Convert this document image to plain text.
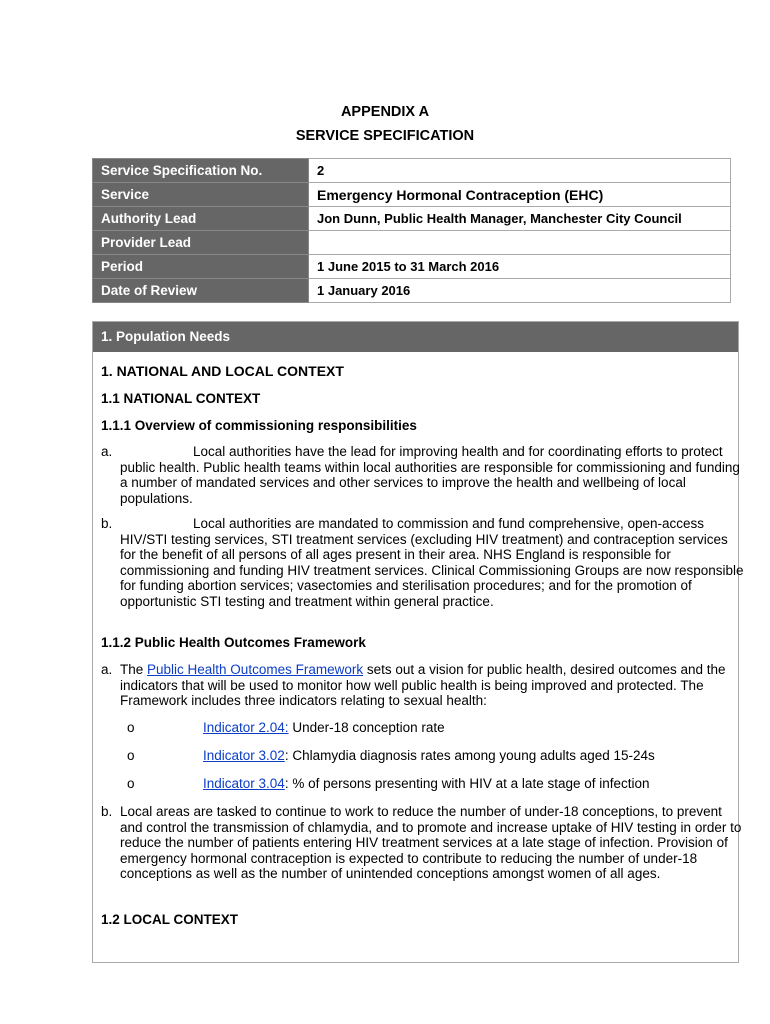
APPENDIX A
SERVICE SPECIFICATION
Service Specification No.	2
Service	Emergency Hormonal Contraception (EHC)
Authority Lead	Jon Dunn, Public Health Manager, Manchester City Council
Provider Lead	
Period	1 June 2015 to 31 March 2016
Date of Review	1 January 2016
1. Population Needs
1. NATIONAL AND LOCAL CONTEXT
1.1 NATIONAL CONTEXT
1.1.1 Overview of commissioning responsibilities
a.	Local authorities have the lead for improving health and for coordinating efforts to protect public health. Public health teams within local authorities are responsible for commissioning and funding a number of mandated services and other services to improve the health and wellbeing of local populations.
b.	Local authorities are mandated to commission and fund comprehensive, open-access HIV/STI testing services, STI treatment services (excluding HIV treatment) and contraception services for the benefit of all persons of all ages present in their area. NHS England is responsible for commissioning and funding HIV treatment services. Clinical Commissioning Groups are now responsible for funding abortion services; vasectomies and sterilisation procedures; and for the promotion of opportunistic STI testing and treatment within general practice.
1.1.2 Public Health Outcomes Framework
a. The Public Health Outcomes Framework sets out a vision for public health, desired outcomes and the indicators that will be used to monitor how well public health is being improved and protected. The Framework includes three indicators relating to sexual health:
o	Indicator 2.04: Under-18 conception rate
o	Indicator 3.02: Chlamydia diagnosis rates among young adults aged 15-24s
o	Indicator 3.04: % of persons presenting with HIV at a late stage of infection
b. Local areas are tasked to continue to work to reduce the number of under-18 conceptions, to prevent and control the transmission of chlamydia, and to promote and increase uptake of HIV testing in order to reduce the number of patients entering HIV treatment services at a late stage of infection. Provision of emergency hormonal contraception is expected to contribute to reducing the number of under-18 conceptions as well as the number of unintended conceptions amongst women of all ages.
1.2 LOCAL CONTEXT
